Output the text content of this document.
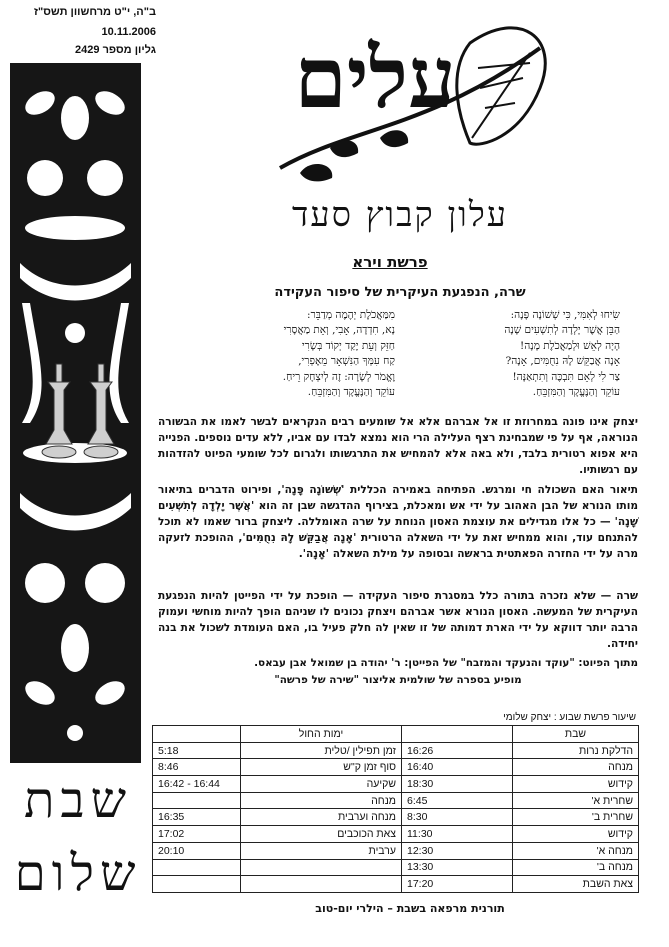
ב"ה, י"ט מרחשוון תשס"ז
10.11.2006
גליון מספר 2429
שבת
שלום
עלים
עלון קבוץ סעד
פרשת וירא
שרה, הנפגעת העיקרית של סיפור העקידה
שִׂיחוּ לְאִמִּי, כִּי שְׁשׁוֹנָה פָּנָה:
הַבֵּן אֲשֶׁר יָלְדָה לְתִשְׁעִים שָׁנָה
הָיָה לְאֵשׁ וּלְמַאֲכֹלֶת מָנָה!
אָנָה אֲבַקֵּשׁ לָהּ נִחֻמִּים, אָנָה?
צַר לִי לְאֵם תִּבְכֶּה וְתִתְאַנָּה!
עוֹקֵד וְהַנֶּעֱקָד וְהַמִּזְבֵּחַ.
מִמַּאֲכֹלֶת יְהֶמֶה מְדַבֵּר:
נָא, חִדְדָה, אָבִי, וְאֵת מַאֲסָרִי
חַזֵּק וְעֵת יֶקַד יְקוֹד בְּשָׂרִי
קַח עִמְּךָ הַנִּשְׁאָר מֵאֶפְרִי,
וֶאֱמֹר לְשָׂרָה: זֶה לְיִצְחָק רֵיחַ.
עוֹקֵד וְהַנֶּעֱקָד וְהַמִּזְבֵּחַ.
יצחק אינו פונה במחרוזת זו אל אברהם אלא אל שומעים רבים הנקראים לבשר לאמו את הבשורה הנוראה, אף על פי שמבחינת רצף העלילה הרי הוא נמצא לבדו עם אביו, ללא עדים נוספים. הפנייה היא אפוא רטורית בלבד, ולא באה אלא להמחיש את התרגשותו ולגרום לכל שומעי הפיוט להזדהות עם רגשותיו.
תיאור האם השכולה חי ומרגש. הפתיחה באמירה הכללית 'שְׁשׁוֹנָה פָּנָה', ופירוט הדברים בתיאור מותו הנורא של הבן האהוב על ידי אש ומאכלת, בצירוף ההדגשה שבן זה הוא 'אֲשֶׁר יָלְדָה לְתִשְׁעִים שָׁנָה' — כל אלו מגדילים את עוצמת האסון הנוחת על שרה האומללה. ליצחק ברור שאמו לא תוכל להתנחם עוד, והוא ממחיש זאת על ידי השאלה הרטורית 'אָנָה אֲבַקֵּשׁ לָהּ נִחֻמִּים', ההופכת לזעקה מרה על ידי החזרה הפאתטית בראשה ובסופה על מילת השאלה 'אָנָה'.
שרה — שלא נזכרה בתורה כלל במסגרת סיפור העקידה — הופכת על ידי הפייטן להיות הנפגעת העיקרית של המעשה. האסון הנורא אשר אברהם ויצחק נכונים לו שניהם הופך להיות מוחשי ועמוק הרבה יותר דווקא על ידי הארת דמותה של זו שאין לה חלק פעיל בו, האם העומדת לשכול את בנה יחידה.
מתוך הפיוט: "עוקד והנעקד והמזבח" של הפייטן: ר' יהודה בן שמואל אבן עבאס.
מופיע בספרה של שולמית אליצור "שירה של פרשה"
שיעור פרשת שבוע : יצחק שלומי
שבת		ימות החול	
הדלקת נרות	16:26	זמן תפילין /טלית	5:18
מנחה	16:40	סוף זמן ק"ש	8:46
קידוש	18:30	שקיעה	16:44 - 16:42
שחרית א'	6:45	מנחה	
שחרית ב'	8:30	מנחה וערבית	16:35
קידוש	11:30	צאת הכוכבים	17:02
מנחה א'	12:30	ערבית	20:10
מנחה ב'	13:30		
צאת השבת	17:20		
תורנית מרפאה בשבת – הילרי יום-טוב
